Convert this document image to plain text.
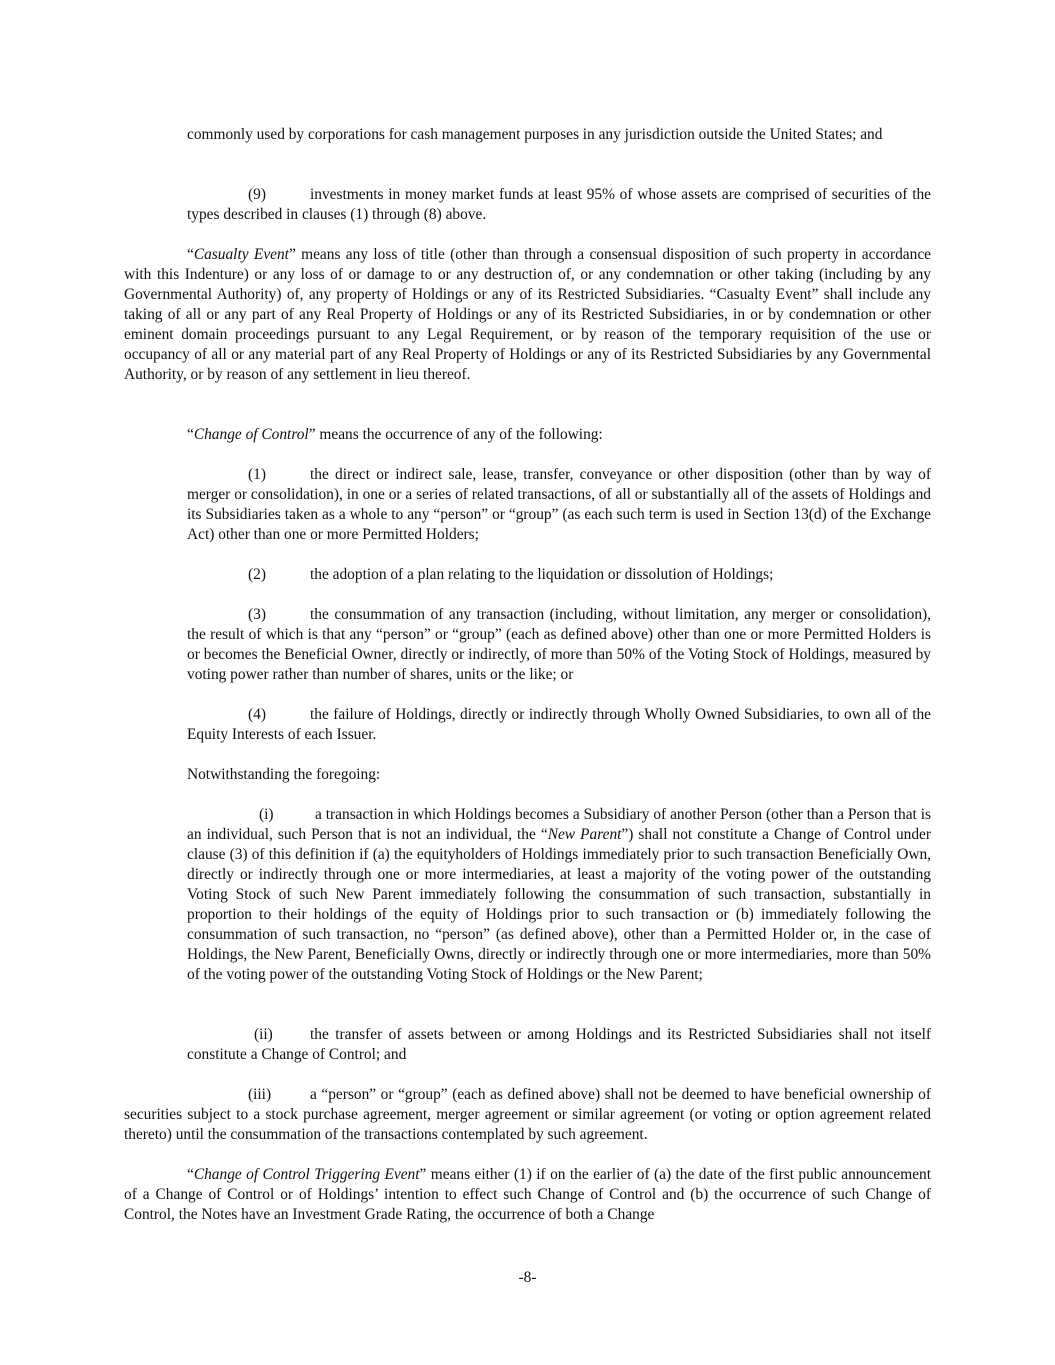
commonly used by corporations for cash management purposes in any jurisdiction outside the United States; and

(9)	investments in money market funds at least 95% of whose assets are comprised of securities of the types described in clauses (1) through (8) above.

“Casualty Event” means any loss of title (other than through a consensual disposition of such property in accordance with this Indenture) or any loss of or damage to or any destruction of, or any condemnation or other taking (including by any Governmental Authority) of, any property of Holdings or any of its Restricted Subsidiaries. “Casualty Event” shall include any taking of all or any part of any Real Property of Holdings or any of its Restricted Subsidiaries, in or by condemnation or other eminent domain proceedings pursuant to any Legal Requirement, or by reason of the temporary requisition of the use or occupancy of all or any material part of any Real Property of Holdings or any of its Restricted Subsidiaries by any Governmental Authority, or by reason of any settlement in lieu thereof.

“Change of Control” means the occurrence of any of the following:

(1)	the direct or indirect sale, lease, transfer, conveyance or other disposition (other than by way of merger or consolidation), in one or a series of related transactions, of all or substantially all of the assets of Holdings and its Subsidiaries taken as a whole to any “person” or “group” (as each such term is used in Section 13(d) of the Exchange Act) other than one or more Permitted Holders;

(2)	the adoption of a plan relating to the liquidation or dissolution of Holdings;

(3)	the consummation of any transaction (including, without limitation, any merger or consolidation), the result of which is that any “person” or “group” (each as defined above) other than one or more Permitted Holders is or becomes the Beneficial Owner, directly or indirectly, of more than 50% of the Voting Stock of Holdings, measured by voting power rather than number of shares, units or the like; or

(4)	the failure of Holdings, directly or indirectly through Wholly Owned Subsidiaries, to own all of the Equity Interests of each Issuer.

Notwithstanding the foregoing:

(i)	a transaction in which Holdings becomes a Subsidiary of another Person (other than a Person that is an individual, such Person that is not an individual, the “New Parent”) shall not constitute a Change of Control under clause (3) of this definition if (a) the equityholders of Holdings immediately prior to such transaction Beneficially Own, directly or indirectly through one or more intermediaries, at least a majority of the voting power of the outstanding Voting Stock of such New Parent immediately following the consummation of such transaction, substantially in proportion to their holdings of the equity of Holdings prior to such transaction or (b) immediately following the consummation of such transaction, no “person” (as defined above), other than a Permitted Holder or, in the case of Holdings, the New Parent, Beneficially Owns, directly or indirectly through one or more intermediaries, more than 50% of the voting power of the outstanding Voting Stock of Holdings or the New Parent;

(ii) the transfer of assets between or among Holdings and its Restricted Subsidiaries shall not itself constitute a Change of Control; and

(iii)	a “person” or “group” (each as defined above) shall not be deemed to have beneficial ownership of securities subject to a stock purchase agreement, merger agreement or similar agreement (or voting or option agreement related thereto) until the consummation of the transactions contemplated by such agreement.

“Change of Control Triggering Event” means either (1) if on the earlier of (a) the date of the first public announcement of a Change of Control or of Holdings’ intention to effect such Change of Control and (b) the occurrence of such Change of Control, the Notes have an Investment Grade Rating, the occurrence of both a Change

-8-
